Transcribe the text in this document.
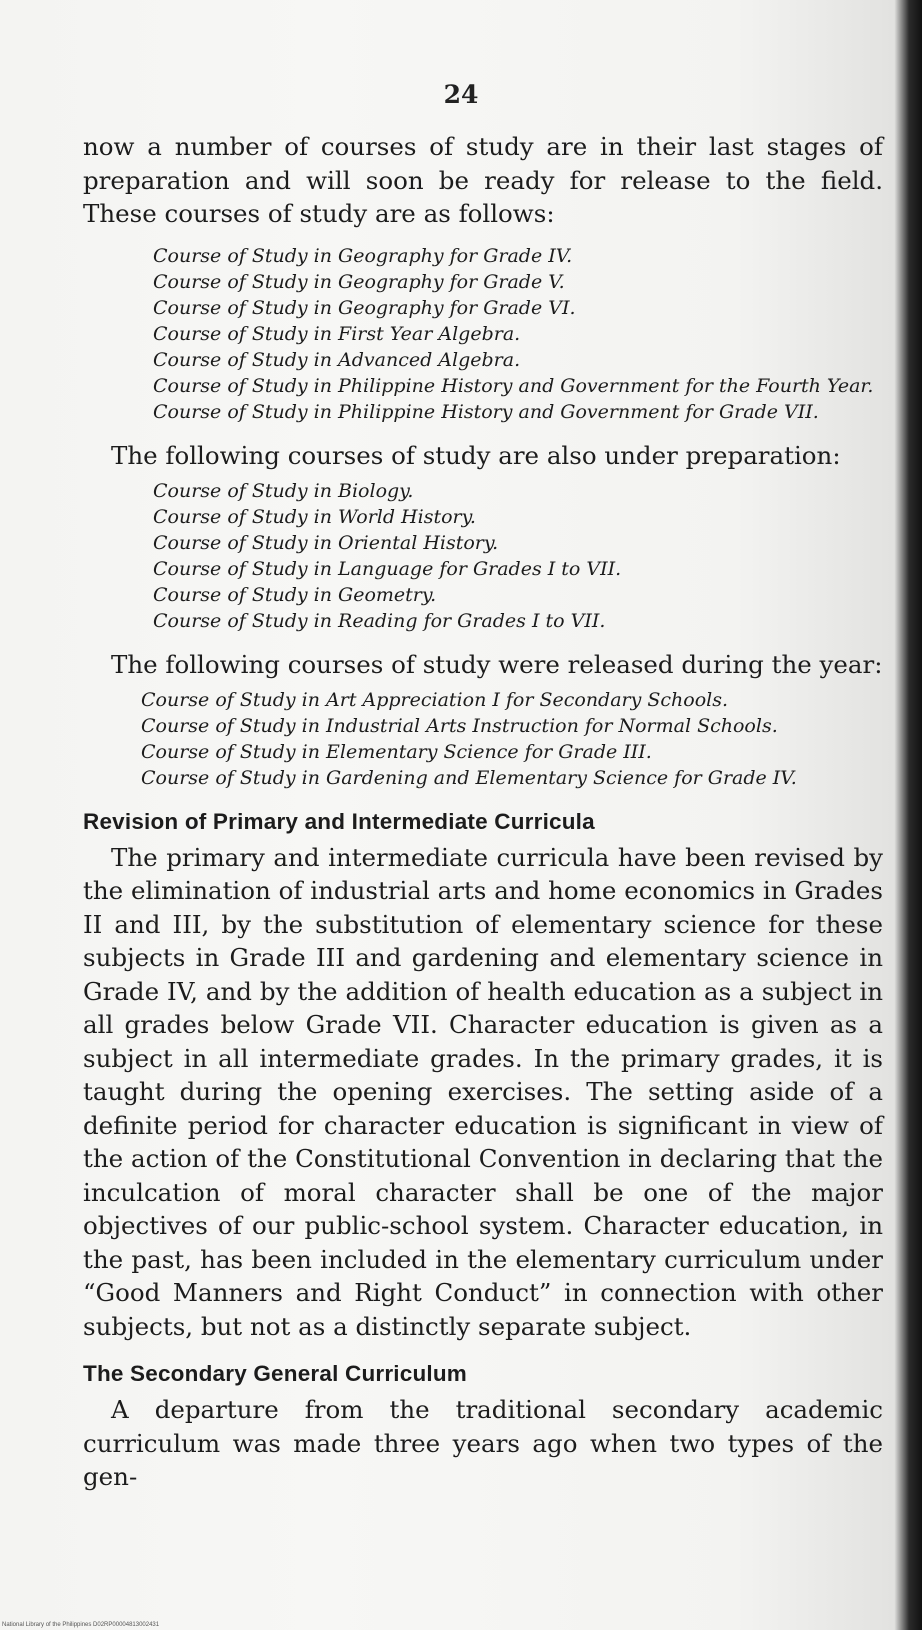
24

now a number of courses of study are in their last stages of preparation and will soon be ready for release to the field. These courses of study are as follows:

Course of Study in Geography for Grade IV.
Course of Study in Geography for Grade V.
Course of Study in Geography for Grade VI.
Course of Study in First Year Algebra.
Course of Study in Advanced Algebra.
Course of Study in Philippine History and Government for the Fourth Year.
Course of Study in Philippine History and Government for Grade VII.

The following courses of study are also under preparation:

Course of Study in Biology.
Course of Study in World History.
Course of Study in Oriental History.
Course of Study in Language for Grades I to VII.
Course of Study in Geometry.
Course of Study in Reading for Grades I to VII.

The following courses of study were released during the year:

Course of Study in Art Appreciation I for Secondary Schools.
Course of Study in Industrial Arts Instruction for Normal Schools.
Course of Study in Elementary Science for Grade III.
Course of Study in Gardening and Elementary Science for Grade IV.
Revision of Primary and Intermediate Curricula

The primary and intermediate curricula have been revised by the elimination of industrial arts and home economics in Grades II and III, by the substitution of elementary science for these subjects in Grade III and gardening and elementary science in Grade IV, and by the addition of health education as a subject in all grades below Grade VII. Character education is given as a subject in all intermediate grades. In the primary grades, it is taught during the opening exercises. The setting aside of a definite period for character education is significant in view of the action of the Constitutional Convention in declaring that the inculcation of moral character shall be one of the major objectives of our public-school system. Character education, in the past, has been included in the elementary curriculum under “Good Manners and Right Conduct” in connection with other subjects, but not as a distinctly separate subject.

The Secondary General Curriculum

A departure from the traditional secondary academic curriculum was made three years ago when two types of the gen-

National Library of the Philippines D02RP00004813002431
